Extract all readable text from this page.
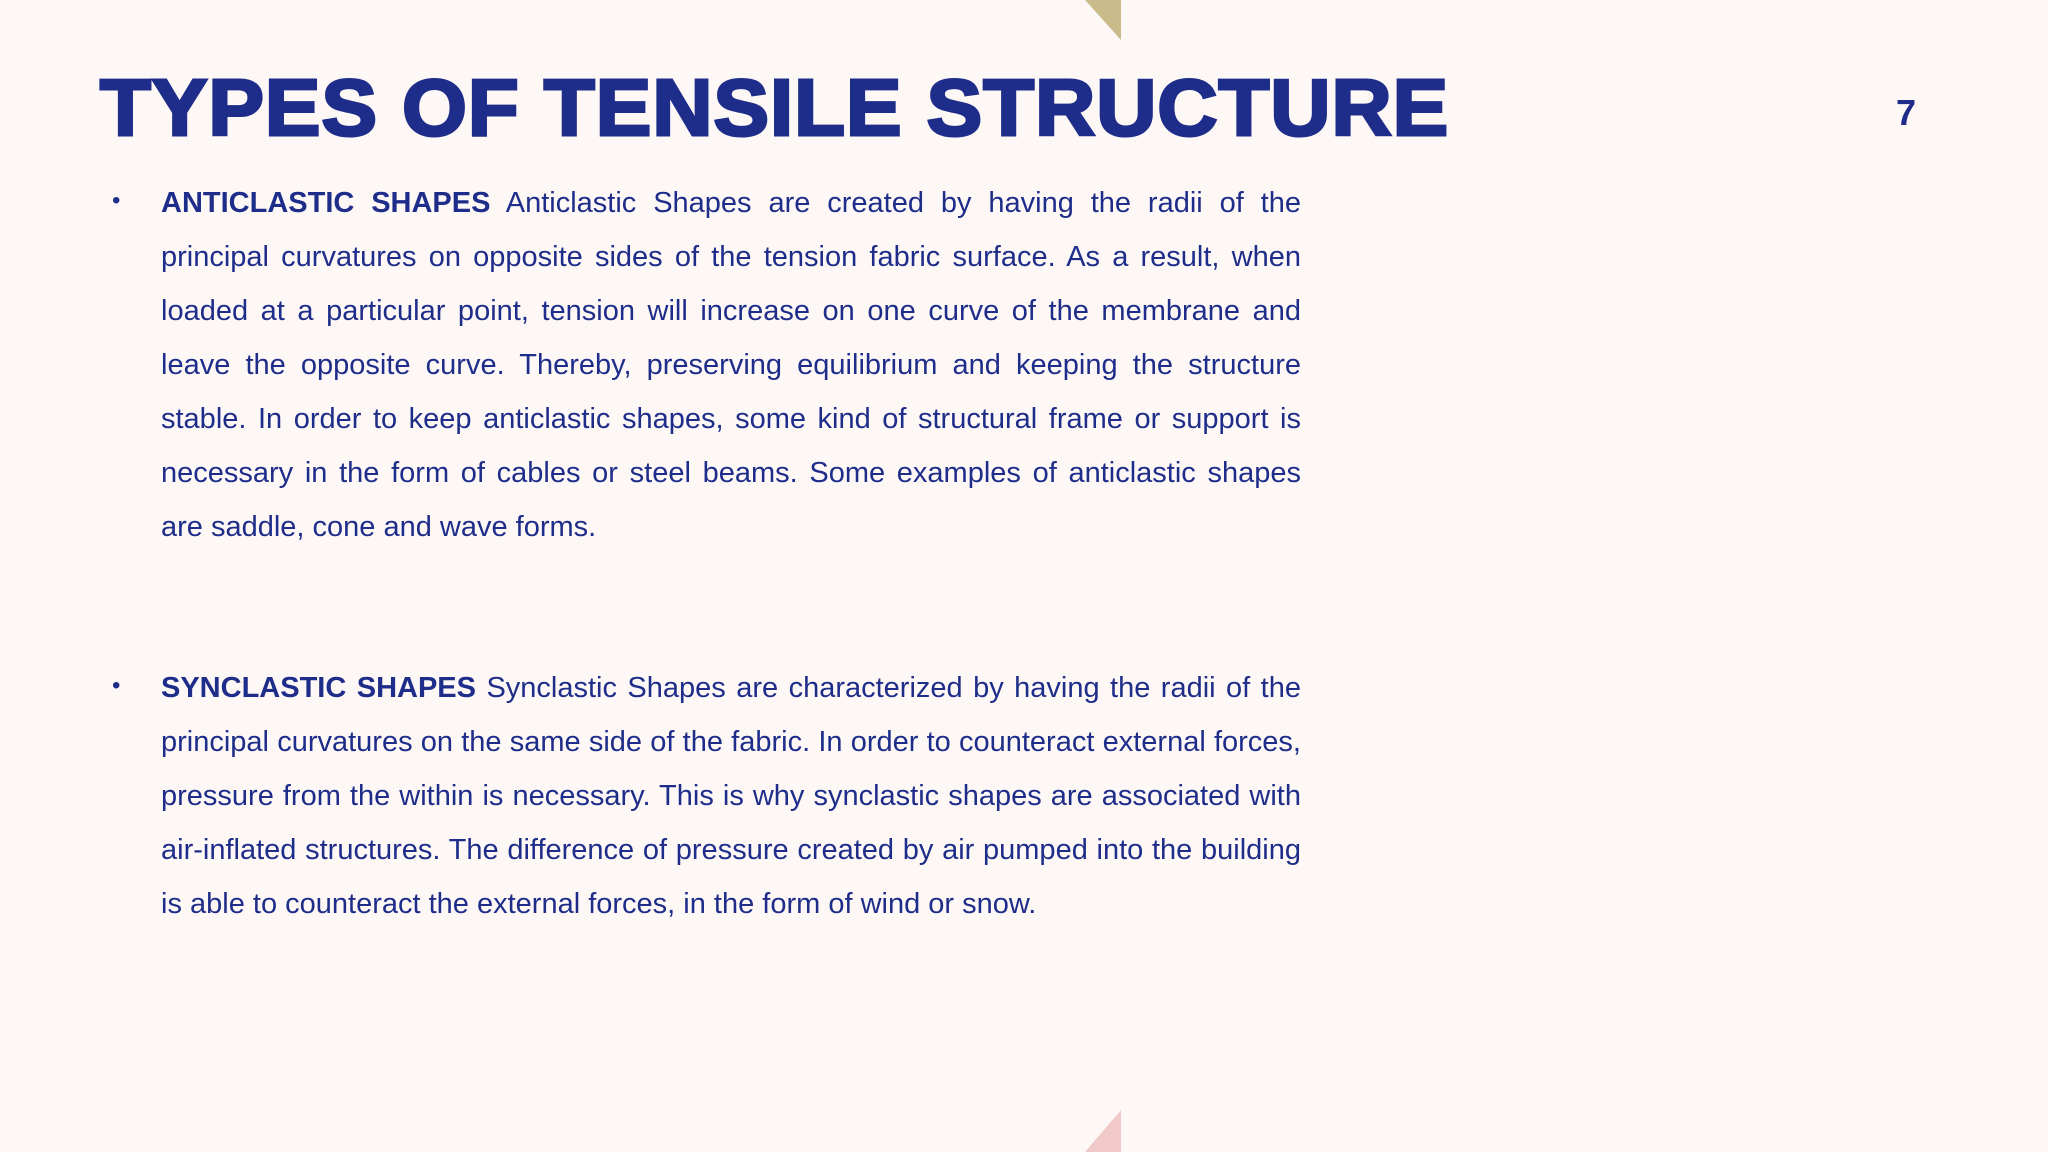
TYPES OF TENSILE STRUCTURE	7
• ANTICLASTIC SHAPES Anticlastic Shapes are created by having the radii of the principal curvatures on opposite sides of the tension fabric surface. As a result, when loaded at a particular point, tension will increase on one curve of the membrane and leave the opposite curve. Thereby, preserving equilibrium and keeping the structure stable. In order to keep anticlastic shapes, some kind of structural frame or support is necessary in the form of cables or steel beams. Some examples of anticlastic shapes are saddle, cone and wave forms.
• SYNCLASTIC SHAPES Synclastic Shapes are characterized by having the radii of the principal curvatures on the same side of the fabric. In order to counteract external forces, pressure from the within is necessary. This is why synclastic shapes are associated with air-inflated structures. The difference of pressure created by air pumped into the building is able to counteract the external forces, in the form of wind or snow.
